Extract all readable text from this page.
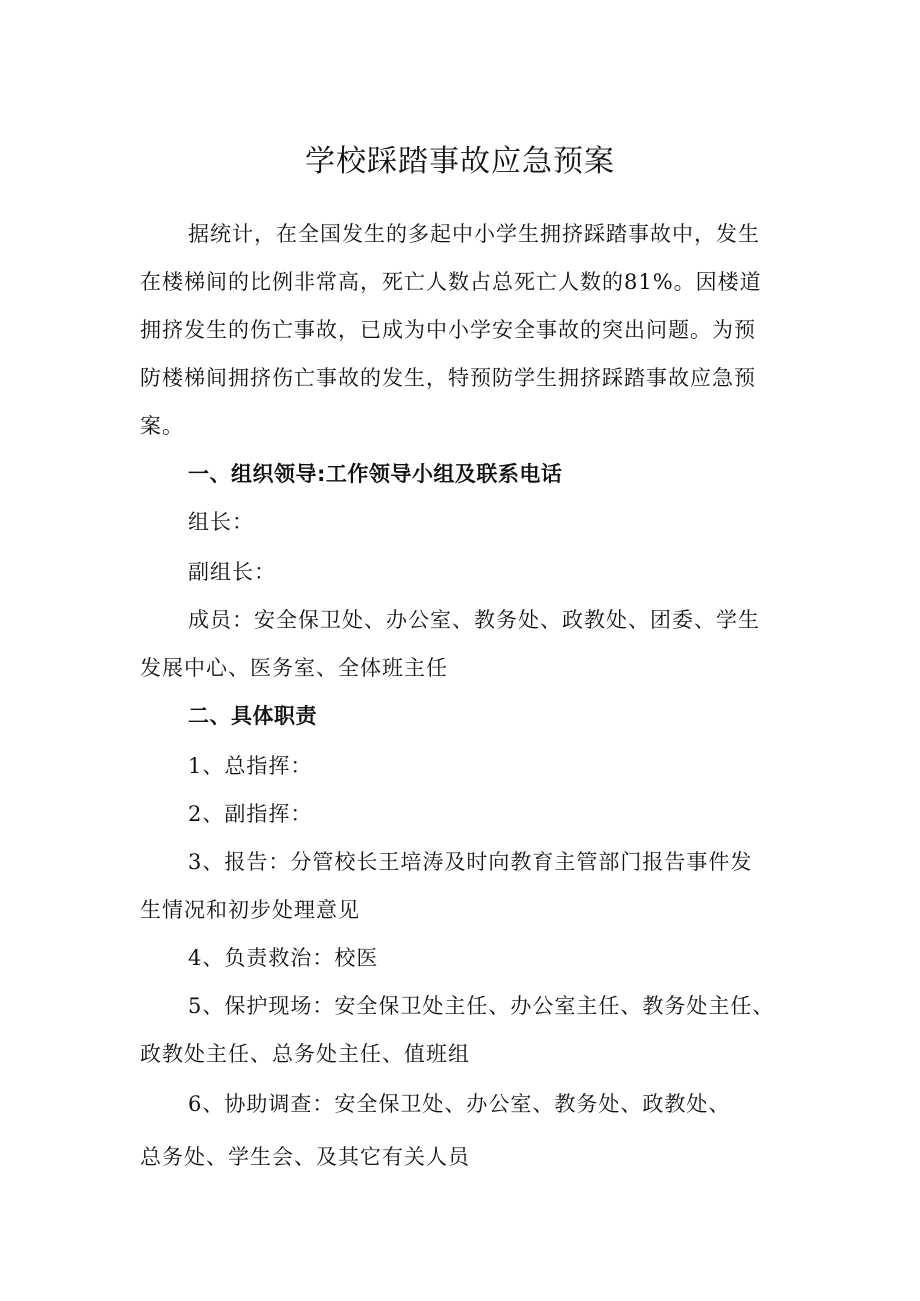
学校踩踏事故应急预案
据统计，在全国发生的多起中小学生拥挤踩踏事故中，发生
在楼梯间的比例非常高，死亡人数占总死亡人数的81%。因楼道
拥挤发生的伤亡事故，已成为中小学安全事故的突出问题。为预
防楼梯间拥挤伤亡事故的发生，特预防学生拥挤踩踏事故应急预
案。
一、组织领导:工作领导小组及联系电话
组长：
副组长：
成员：安全保卫处、办公室、教务处、政教处、团委、学生
发展中心、医务室、全体班主任
二、具体职责
1、总指挥：
2、副指挥：
3、报告：分管校长王培涛及时向教育主管部门报告事件发
生情况和初步处理意见
4、负责救治：校医
5、保护现场：安全保卫处主任、办公室主任、教务处主任、
政教处主任、总务处主任、值班组
6、协助调查：安全保卫处、办公室、教务处、政教处、
总务处、学生会、及其它有关人员
